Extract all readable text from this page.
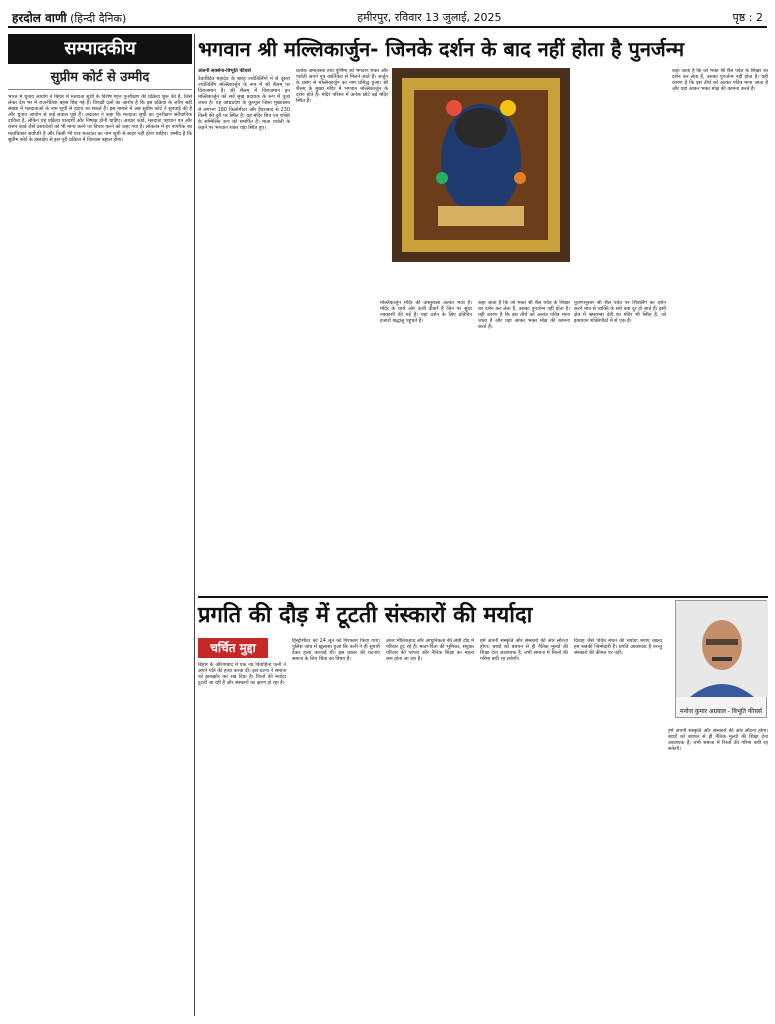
हरदोल वाणी (हिन्दी दैनिक)	हमीरपुर, रविवार 13 जुलाई, 2025	पृष्ठ : 2
सम्पादकीय
सुप्रीम कोर्ट से उम्मीद
भारत में चुनाव आयोग ने बिहार में मतदाता सूची के विशेष गहन पुनरीक्षण की प्रक्रिया शुरू की है, जिसे लेकर देश भर में राजनीतिक बहस छिड़ गई है। विपक्षी दलों का आरोप है कि इस प्रक्रिया के जरिए बड़ी संख्या में मतदाताओं के नाम सूची से हटाए जा सकते हैं। इस मामले में अब सुप्रीम कोर्ट ने सुनवाई की है और चुनाव आयोग से कई सवाल पूछे हैं। अदालत ने कहा कि मतदाता सूची का पुनरीक्षण संवैधानिक दायित्व है, लेकिन यह प्रक्रिया पारदर्शी और निष्पक्ष होनी चाहिए। आधार कार्ड, मतदाता पहचान पत्र और राशन कार्ड जैसे दस्तावेजों को भी मान्य करने पर विचार करने को कहा गया है। लोकतंत्र में हर नागरिक का मताधिकार सर्वोपरि है और किसी भी पात्र मतदाता का नाम सूची से बाहर नहीं होना चाहिए। उम्मीद है कि सुप्रीम कोर्ट के हस्तक्षेप से इस पूरी प्रक्रिया में विश्वास बहाल होगा।
भगवान श्री मल्लिकार्जुन- जिनके दर्शन के बाद नहीं होता है पुनर्जन्म
अंजनी सक्सेना-विभूति फीचर्स
देवाधिदेव महादेव के बारह ज्योतिर्लिंगों में से दूसरा ज्योतिर्लिंग मल्लिकार्जुन के रूप में श्री शैलम् पर विराजमान है। श्री शैलम् में विराजमान इन मल्लिकार्जुन को सर्व सुख प्रदायक के रूप में पूजा जाता है। यह आंध्रप्रदेश के कुरनूल जिला मुख्यालय से लगभग 180 किलोमीटर और हैदराबाद से 230 किमी की दूरी पर स्थित है। यह मंदिर शिव एवं शक्ति के सम्मिलित रूप को समर्पित है। माता पार्वती के कहने पर भगवान शंकर यहां स्थित हुए।
प्रत्येक अमावस्या तथा पूर्णिमा को भगवान शंकर और पार्वती अपने पुत्र कार्तिकेय से मिलने आते हैं। अर्जुन के प्रसंग से मल्लिकार्जुन का नाम प्रसिद्ध हुआ। श्री शैलम् के मुख्य मंदिर में भगवान मल्लिकार्जुन के दर्शन होते हैं। मंदिर परिसर में अनेक छोटे बड़े मंदिर स्थित हैं।
पुराणानुसार श्री शैल पर्वत पर शिवलिंग का दर्शन करने मात्र से व्यक्ति के सारे कष्ट दूर हो जाते हैं। इसी क्षेत्र में भ्रमराम्बा देवी का मंदिर भी स्थित है, जो इक्यावन शक्तिपीठों में से एक है।
मल्लिकार्जुन मंदिर की वास्तुकला अत्यंत भव्य है। मंदिर के चारों ओर ऊंची दीवारें हैं जिन पर सुंदर नक्काशी की गई है। यहां दर्शन के लिए प्रतिदिन हजारों श्रद्धालु पहुंचते हैं।
कहा जाता है कि जो भक्त श्री शैल पर्वत के शिखर का दर्शन कर लेता है, उसका पुनर्जन्म नहीं होता है। यही कारण है कि इस तीर्थ को अत्यंत पवित्र माना जाता है और यहां आकर भक्त मोक्ष की कामना करते हैं।
कहा जाता है कि जो भक्त श्री शैल पर्वत के शिखर का दर्शन कर लेता है, उसका पुनर्जन्म नहीं होता है। यही कारण है कि इस तीर्थ को अत्यंत पवित्र माना जाता है और यहां आकर भक्त मोक्ष की कामना करते हैं।
प्रगति की दौड़ में टूटती संस्कारों की मर्यादा
चर्चित मुद्दा
बिहार के औरंगाबाद में एक नव विवाहिता पत्नी ने अपने पति की हत्या करवा दी। इस घटना ने समाज को झकझोर कर रख दिया है। रिश्तों की मर्यादा टूटती जा रही है और संस्कारों का क्षरण हो रहा है।
हिस्ट्रीशीटर को 24 जून को गिरफ्तार किया गया। पुलिस जांच में खुलासा हुआ कि पत्नी ने ही सुपारी देकर हत्या करवाई थी। इस प्रकार की घटनाएं समाज के लिए चिंता का विषय हैं।
आज भौतिकवाद और आधुनिकता की अंधी दौड़ में परिवार टूट रहे हैं। माता-पिता की भूमिका, संयुक्त परिवार की परंपरा और नैतिक शिक्षा का महत्व कम होता जा रहा है।
हमें अपनी संस्कृति और संस्कारों की ओर लौटना होगा। बच्चों को बचपन से ही नैतिक मूल्यों की शिक्षा देना आवश्यक है, तभी समाज में रिश्तों की गरिमा बची रह सकेगी।
विवाह जैसे पवित्र बंधन की मर्यादा बनाए रखना हम सबकी जिम्मेदारी है। प्रगति आवश्यक है परन्तु संस्कारों की कीमत पर नहीं।
हमें अपनी संस्कृति और संस्कारों की ओर लौटना होगा। बच्चों को बचपन से ही नैतिक मूल्यों की शिक्षा देना आवश्यक है, तभी समाज में रिश्तों की गरिमा बची रह सकेगी।
मनोज कुमार अग्रवाल - विभूति फीचर्स
